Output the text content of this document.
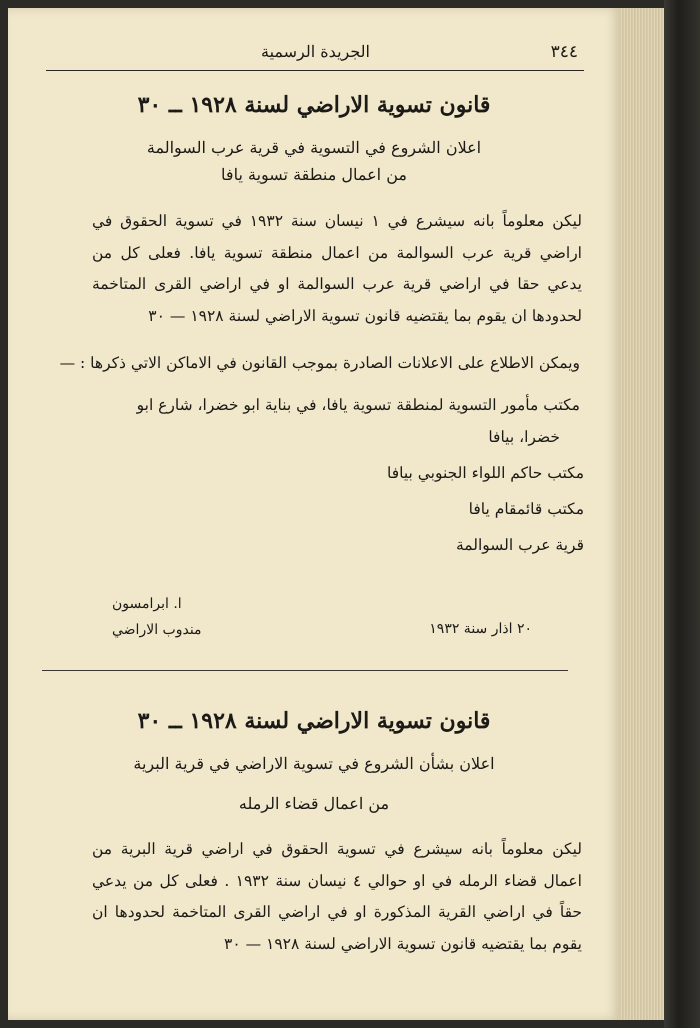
٣٤٤
الجريدة الرسمية
قانون تسوية الاراضي لسنة ١٩٢٨ ــ ٣٠
اعلان الشروع في التسوية في قرية عرب السوالمة
من اعمال منطقة تسوية يافا
ليكن معلوماً بانه سيشرع في ١ نيسان سنة ١٩٣٢ في تسوية الحقوق في اراضي قرية عرب السوالمة من اعمال منطقة تسوية يافا. فعلى كل من يدعي حقا في اراضي قرية عرب السوالمة او في اراضي القرى المتاخمة لحدودها ان يقوم بما يقتضيه قانون تسوية الاراضي لسنة ١٩٢٨ — ٣٠
ويمكن الاطلاع على الاعلانات الصادرة بموجب القانون في الاماكن الاتي ذكرها : —
مكتب مأمور التسوية لمنطقة تسوية يافا، في بناية ابو خضرا، شارع ابو
خضرا، بيافا
مكتب حاكم اللواء الجنوبي بيافا
مكتب قائمقام يافا
قرية عرب السوالمة
ا. ابرامسون
مندوب الاراضي	٢٠ اذار سنة ١٩٣٢
قانون تسوية الاراضي لسنة ١٩٢٨ ــ ٣٠
اعلان بشأن الشروع في تسوية الاراضي في قرية البرية
من اعمال قضاء الرمله
ليكن معلوماً بانه سيشرع في تسوية الحقوق في اراضي قرية البرية من اعمال قضاء الرمله في او حوالي ٤ نيسان سنة ١٩٣٢ . فعلى كل من يدعي حقاً في اراضي القرية المذكورة او في اراضي القرى المتاخمة لحدودها ان يقوم بما يقتضيه قانون تسوية الاراضي لسنة ١٩٢٨ — ٣٠
